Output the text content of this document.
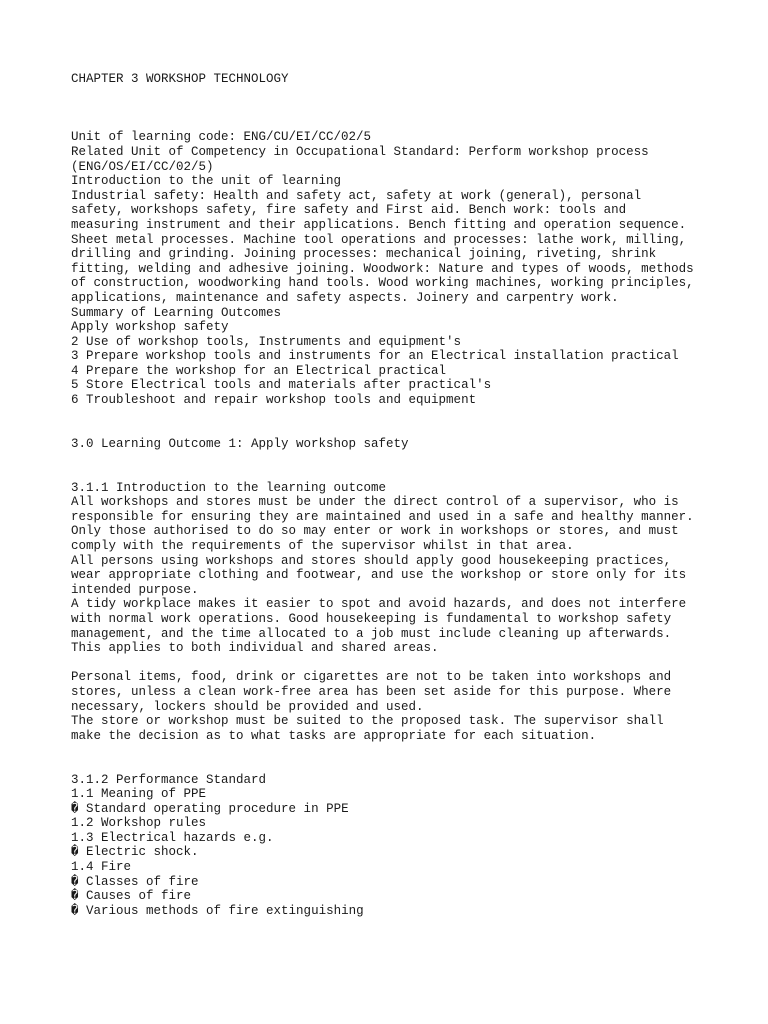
CHAPTER 3 WORKSHOP TECHNOLOGY
Unit of learning code: ENG/CU/EI/CC/02/5
Related Unit of Competency in Occupational Standard: Perform workshop process
(ENG/OS/EI/CC/02/5)
Introduction to the unit of learning
Industrial safety: Health and safety act, safety at work (general), personal
safety, workshops safety, fire safety and First aid. Bench work: tools and
measuring instrument and their applications. Bench fitting and operation sequence.
Sheet metal processes. Machine tool operations and processes: lathe work, milling,
drilling and grinding. Joining processes: mechanical joining, riveting, shrink
fitting, welding and adhesive joining. Woodwork: Nature and types of woods, methods
of construction, woodworking hand tools. Wood working machines, working principles,
applications, maintenance and safety aspects. Joinery and carpentry work.
Summary of Learning Outcomes
Apply workshop safety
2 Use of workshop tools, Instruments and equipment's
3 Prepare workshop tools and instruments for an Electrical installation practical
4 Prepare the workshop for an Electrical practical
5 Store Electrical tools and materials after practical's
6 Troubleshoot and repair workshop tools and equipment
3.0 Learning Outcome 1: Apply workshop safety
3.1.1 Introduction to the learning outcome
All workshops and stores must be under the direct control of a supervisor, who is
responsible for ensuring they are maintained and used in a safe and healthy manner.
Only those authorised to do so may enter or work in workshops or stores, and must
comply with the requirements of the supervisor whilst in that area.
All persons using workshops and stores should apply good housekeeping practices,
wear appropriate clothing and footwear, and use the workshop or store only for its
intended purpose.
A tidy workplace makes it easier to spot and avoid hazards, and does not interfere
with normal work operations. Good housekeeping is fundamental to workshop safety
management, and the time allocated to a job must include cleaning up afterwards.
This applies to both individual and shared areas.
Personal items, food, drink or cigarettes are not to be taken into workshops and
stores, unless a clean work-free area has been set aside for this purpose. Where
necessary, lockers should be provided and used.
The store or workshop must be suited to the proposed task. The supervisor shall
make the decision as to what tasks are appropriate for each situation.
3.1.2 Performance Standard
1.1 Meaning of PPE
� Standard operating procedure in PPE
1.2 Workshop rules
1.3 Electrical hazards e.g.
� Electric shock.
1.4 Fire
� Classes of fire
� Causes of fire
� Various methods of fire extinguishing
